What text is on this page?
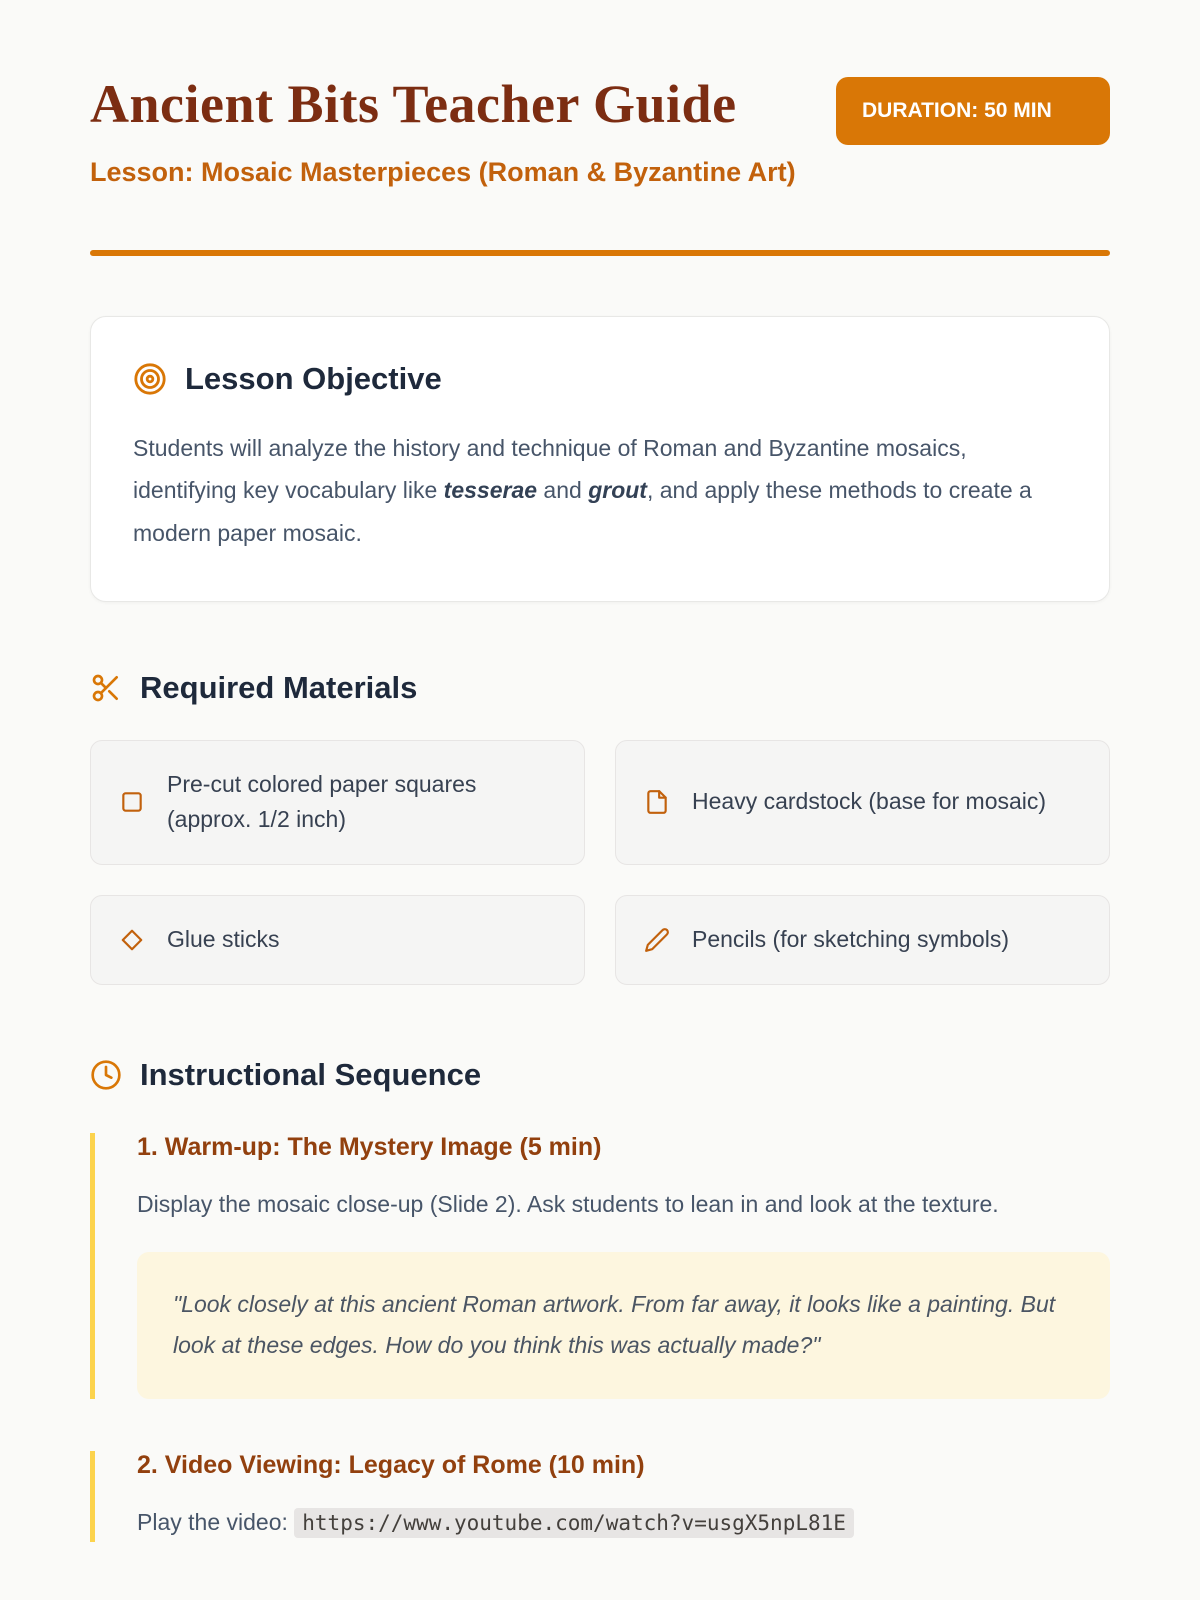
Ancient Bits Teacher Guide
Lesson: Mosaic Masterpieces (Roman & Byzantine Art)
DURATION: 50 MIN
Lesson Objective

Students will analyze the history and technique of Roman and Byzantine mosaics, identifying key vocabulary like tesserae and grout, and apply these methods to create a modern paper mosaic.

Required Materials
Pre-cut colored paper squares (approx. 1/2 inch)
Heavy cardstock (base for mosaic)
Glue sticks	Pencils (for sketching symbols)
Instructional Sequence
1. Warm-up: The Mystery Image (5 min)

Display the mosaic close-up (Slide 2). Ask students to lean in and look at the texture.

"Look closely at this ancient Roman artwork. From far away, it looks like a painting. But look at these edges. How do you think this was actually made?"
2. Video Viewing: Legacy of Rome (10 min)

Play the video: https://www.youtube.com/watch?v=usgX5npL81E
